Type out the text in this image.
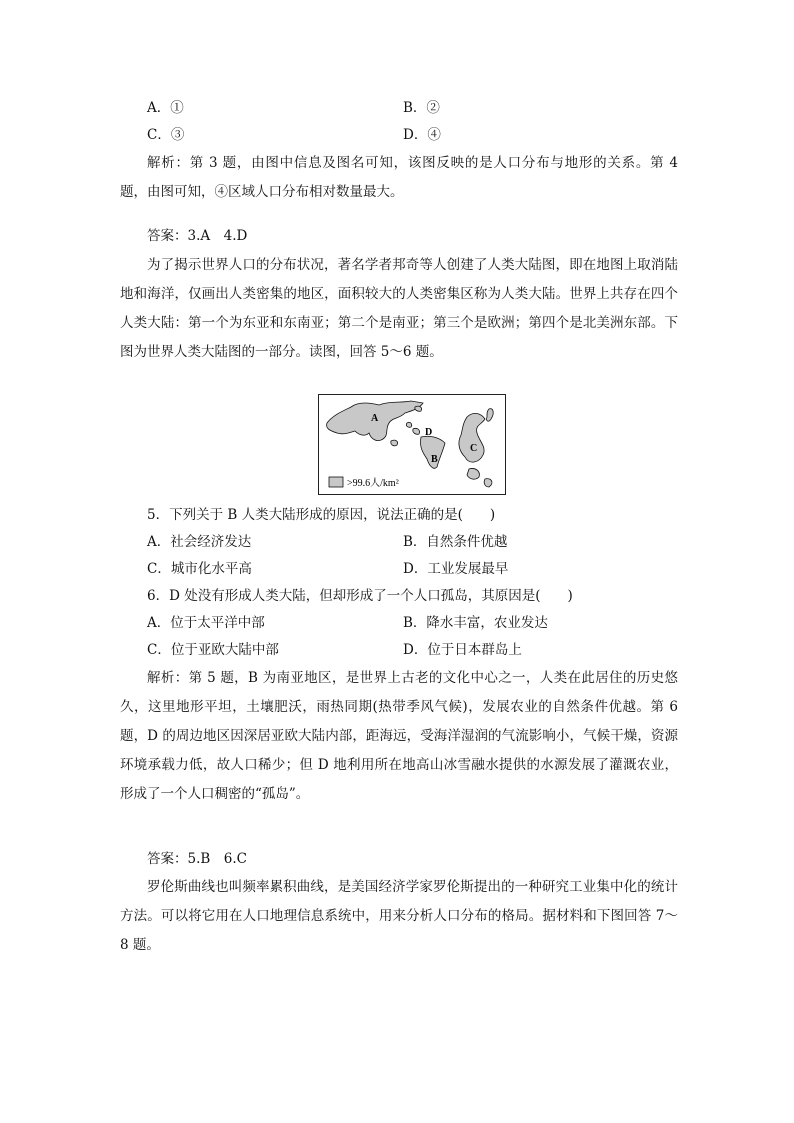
A．①	B．②
C．③	D．④

解析：第 3 题，由图中信息及图名可知，该图反映的是人口分布与地形的关系。第 4 题，由图可知，④区域人口分布相对数量最大。

答案：3.A　4.D

为了揭示世界人口的分布状况，著名学者邦奇等人创建了人类大陆图，即在地图上取消陆地和海洋，仅画出人类密集的地区，面积较大的人类密集区称为人类大陆。世界上共存在四个人类大陆：第一个为东亚和东南亚；第二个是南亚；第三个是欧洲；第四个是北美洲东部。下图为世界人类大陆图的一部分。读图，回答 5～6 题。

A
D
B
C
>99.6人/km²
5．下列关于 B 人类大陆形成的原因，说法正确的是(　　)
A．社会经济发达	B．自然条件优越
C．城市化水平高	D．工业发展最早
6．D 处没有形成人类大陆，但却形成了一个人口孤岛，其原因是(　　)
A．位于太平洋中部	B．降水丰富，农业发达
C．位于亚欧大陆中部	D．位于日本群岛上

解析：第 5 题，B 为南亚地区，是世界上古老的文化中心之一，人类在此居住的历史悠久，这里地形平坦，土壤肥沃，雨热同期(热带季风气候)，发展农业的自然条件优越。第 6 题，D 的周边地区因深居亚欧大陆内部，距海远，受海洋湿润的气流影响小，气候干燥，资源环境承载力低，故人口稀少；但 D 地利用所在地高山冰雪融水提供的水源发展了灌溉农业，形成了一个人口稠密的“孤岛”。

答案：5.B　6.C

罗伦斯曲线也叫频率累积曲线，是美国经济学家罗伦斯提出的一种研究工业集中化的统计方法。可以将它用在人口地理信息系统中，用来分析人口分布的格局。据材料和下图回答 7～8 题。
